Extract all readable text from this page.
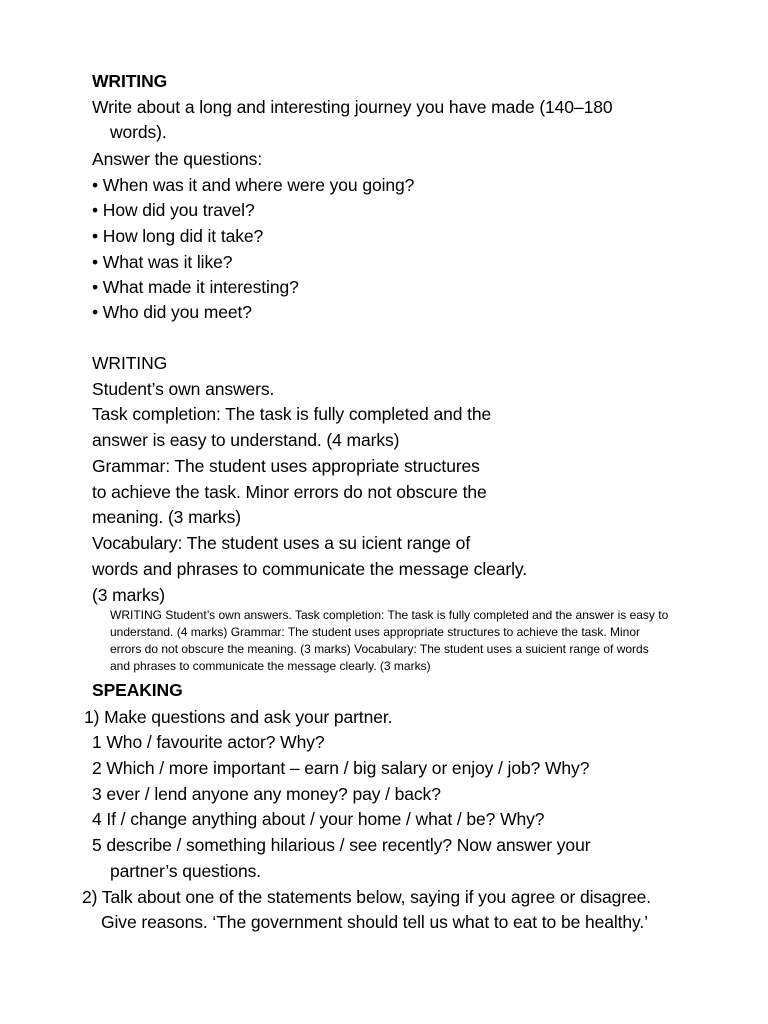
WRITING
Write about a long and interesting journey you have made (140–180
words).
Answer the questions:
• When was it and where were you going?
• How did you travel?
• How long did it take?
• What was it like?
• What made it interesting?
• Who did you meet?
WRITING
Student’s own answers.
Task completion: The task is fully completed and the
answer is easy to understand. (4 marks)
Grammar: The student uses appropriate structures
to achieve the task. Minor errors do not obscure the
meaning. (3 marks)
Vocabulary: The student uses a su icient range of
words and phrases to communicate the message clearly.
(3 marks)
WRITING Student’s own answers. Task completion: The task is fully completed and the answer is easy to
understand. (4 marks) Grammar: The student uses appropriate structures to achieve the task. Minor
errors do not obscure the meaning. (3 marks) Vocabulary: The student uses a suicient range of words
and phrases to communicate the message clearly. (3 marks)
SPEAKING
1) Make questions and ask your partner.
1 Who / favourite actor? Why?
2 Which / more important – earn / big salary or enjoy / job? Why?
3 ever / lend anyone any money? pay / back?
4 If / change anything about / your home / what / be? Why?
5 describe / something hilarious / see recently? Now answer your
partner’s questions.
2) Talk about one of the statements below, saying if you agree or disagree.
Give reasons. ‘The government should tell us what to eat to be healthy.’
